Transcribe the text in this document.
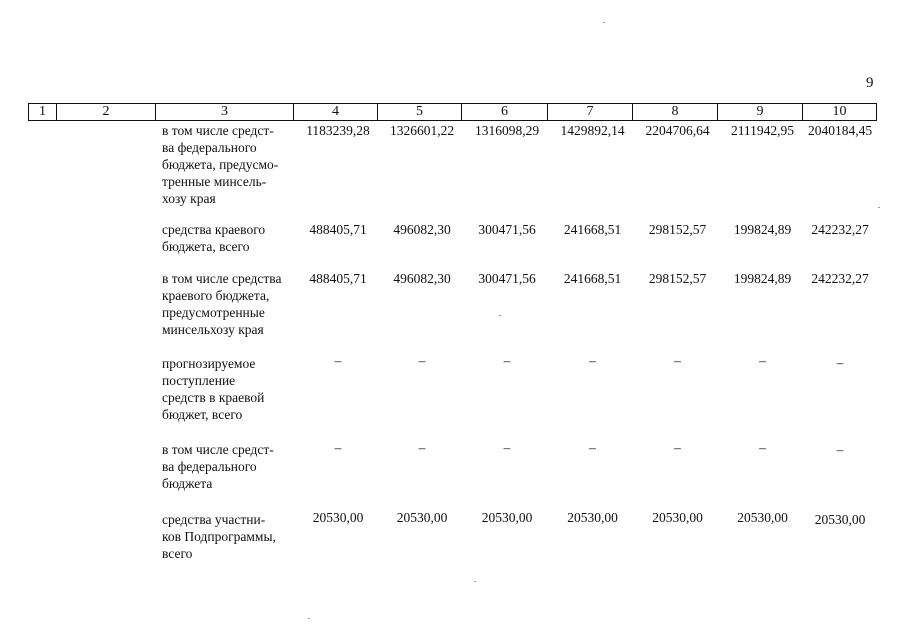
9
1	2	3	4	5	6	7	8	9	10
в том числе средст-
ва федерального
бюджета, предусмо-
тренные минсель-
хозу края
1183239,28	1326601,22	1316098,29	1429892,14	2204706,64	2111942,95	2040184,45
средства краевого
бюджета, всего
488405,71	496082,30	300471,56	241668,51	298152,57	199824,89	242232,27
в том числе средства
краевого бюджета,
предусмотренные
минсельхозу края
488405,71	496082,30	300471,56	241668,51	298152,57	199824,89	242232,27
прогнозируемое
поступление
средств в краевой
бюджет, всего
–	–	–	–	–	–	–
в том числе средст-
ва федерального
бюджета
–	–	–	–	–	–	–
средства участни-
ков Подпрограммы,
всего
20530,00	20530,00	20530,00	20530,00	20530,00	20530,00	20530,00
